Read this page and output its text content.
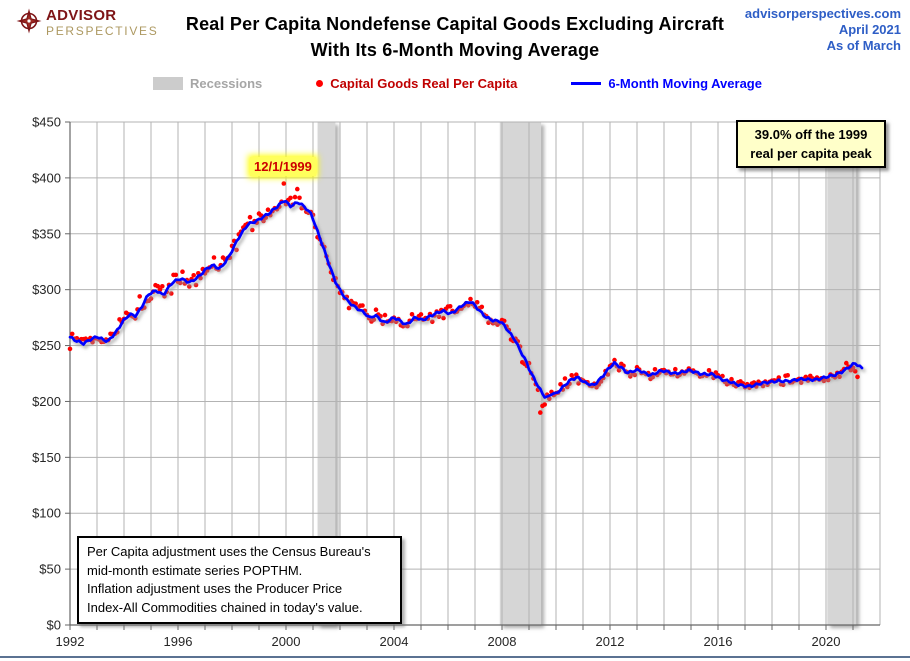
ADVISOR
PERSPECTIVES	Real Per Capita Nondefense Capital Goods Excluding Aircraft
With Its 6-Month Moving Average
advisorperspectives.com
April 2021
As of March
Recessions	Capital Goods Real Per Capita	6-Month Moving Average
$0
$50
$100
$150
$200
$250
$300
$350
$400
$450
1992	1996	2000	2004	2008	2012	2016	2020
12/1/1999
39.0% off the 1999
real per capita peak
Per Capita adjustment uses the Census Bureau's
mid-month estimate series POPTHM.
Inflation adjustment uses the Producer Price
Index-All Commodities chained in today's value.
